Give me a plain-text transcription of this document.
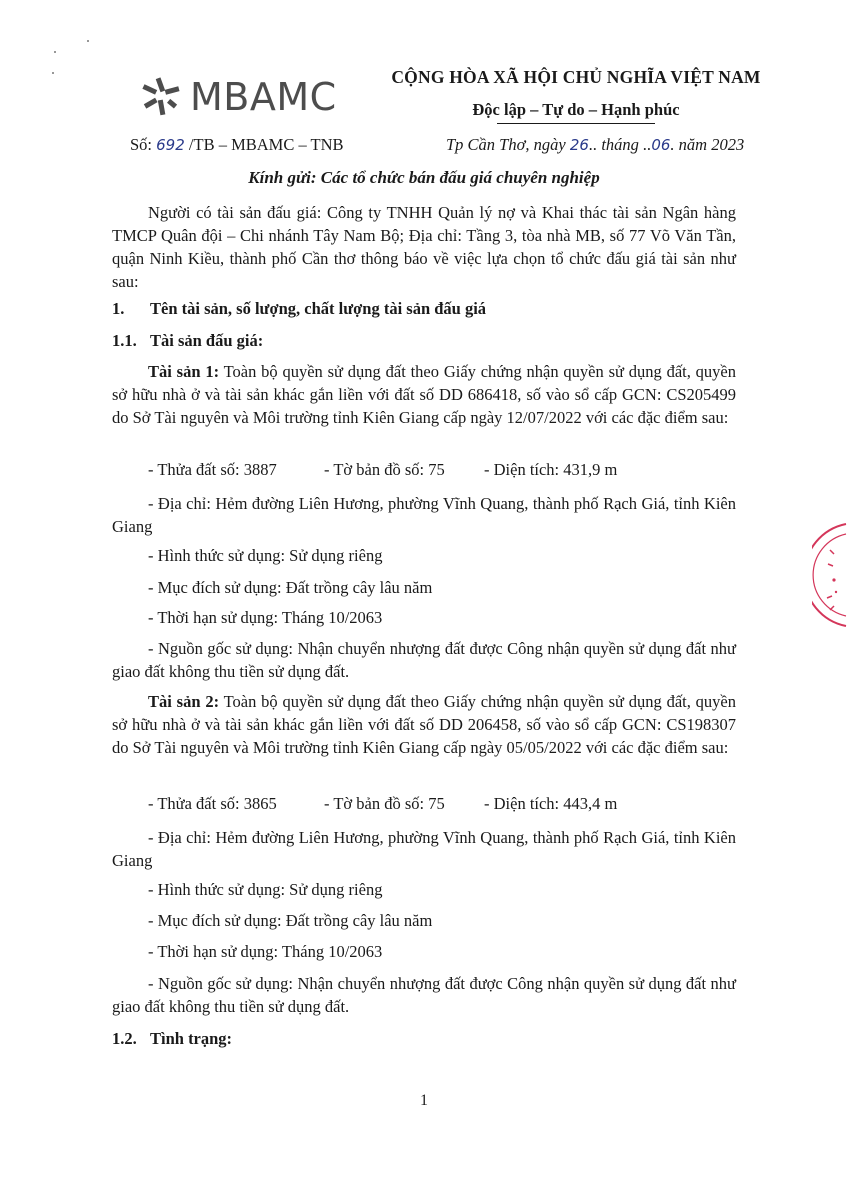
MBAMC	CỘNG HÒA XÃ HỘI CHỦ NGHĨA VIỆT NAM
Độc lập – Tự do – Hạnh phúc
Số: 692 /TB – MBAMC – TNB	Tp Cần Thơ, ngày 26.. tháng ..06. năm 2023
Kính gửi: Các tổ chức bán đấu giá chuyên nghiệp
Người có tài sản đấu giá: Công ty TNHH Quản lý nợ và Khai thác tài sản Ngân hàng TMCP Quân đội – Chi nhánh Tây Nam Bộ; Địa chỉ: Tầng 3, tòa nhà MB, số 77 Võ Văn Tần, quận Ninh Kiều, thành phố Cần thơ thông báo về việc lựa chọn tổ chức đấu giá tài sản như sau:
1. Tên tài sản, số lượng, chất lượng tài sản đấu giá
1.1. Tài sản đấu giá:
Tài sản 1: Toàn bộ quyền sử dụng đất theo Giấy chứng nhận quyền sử dụng đất, quyền sở hữu nhà ở và tài sản khác gắn liền với đất số DD 686418, số vào sổ cấp GCN: CS205499 do Sở Tài nguyên và Môi trường tỉnh Kiên Giang cấp ngày 12/07/2022 với các đặc điểm sau:
- Thửa đất số: 3887	- Tờ bản đồ số: 75 - Diện tích: 431,9 m
- Địa chỉ: Hẻm đường Liên Hương, phường Vĩnh Quang, thành phố Rạch Giá, tỉnh Kiên Giang
- Hình thức sử dụng: Sử dụng riêng
- Mục đích sử dụng: Đất trồng cây lâu năm
- Thời hạn sử dụng: Tháng 10/2063
- Nguồn gốc sử dụng: Nhận chuyển nhượng đất được Công nhận quyền sử dụng đất như giao đất không thu tiền sử dụng đất.
Tài sản 2: Toàn bộ quyền sử dụng đất theo Giấy chứng nhận quyền sử dụng đất, quyền sở hữu nhà ở và tài sản khác gắn liền với đất số DD 206458, số vào sổ cấp GCN: CS198307 do Sở Tài nguyên và Môi trường tỉnh Kiên Giang cấp ngày 05/05/2022 với các đặc điểm sau:
- Thửa đất số: 3865	- Tờ bản đồ số: 75 - Diện tích: 443,4 m
- Địa chỉ: Hẻm đường Liên Hương, phường Vĩnh Quang, thành phố Rạch Giá, tỉnh Kiên Giang
- Hình thức sử dụng: Sử dụng riêng
- Mục đích sử dụng: Đất trồng cây lâu năm
- Thời hạn sử dụng: Tháng 10/2063
- Nguồn gốc sử dụng: Nhận chuyển nhượng đất được Công nhận quyền sử dụng đất như giao đất không thu tiền sử dụng đất.
1.2. Tình trạng:
1
